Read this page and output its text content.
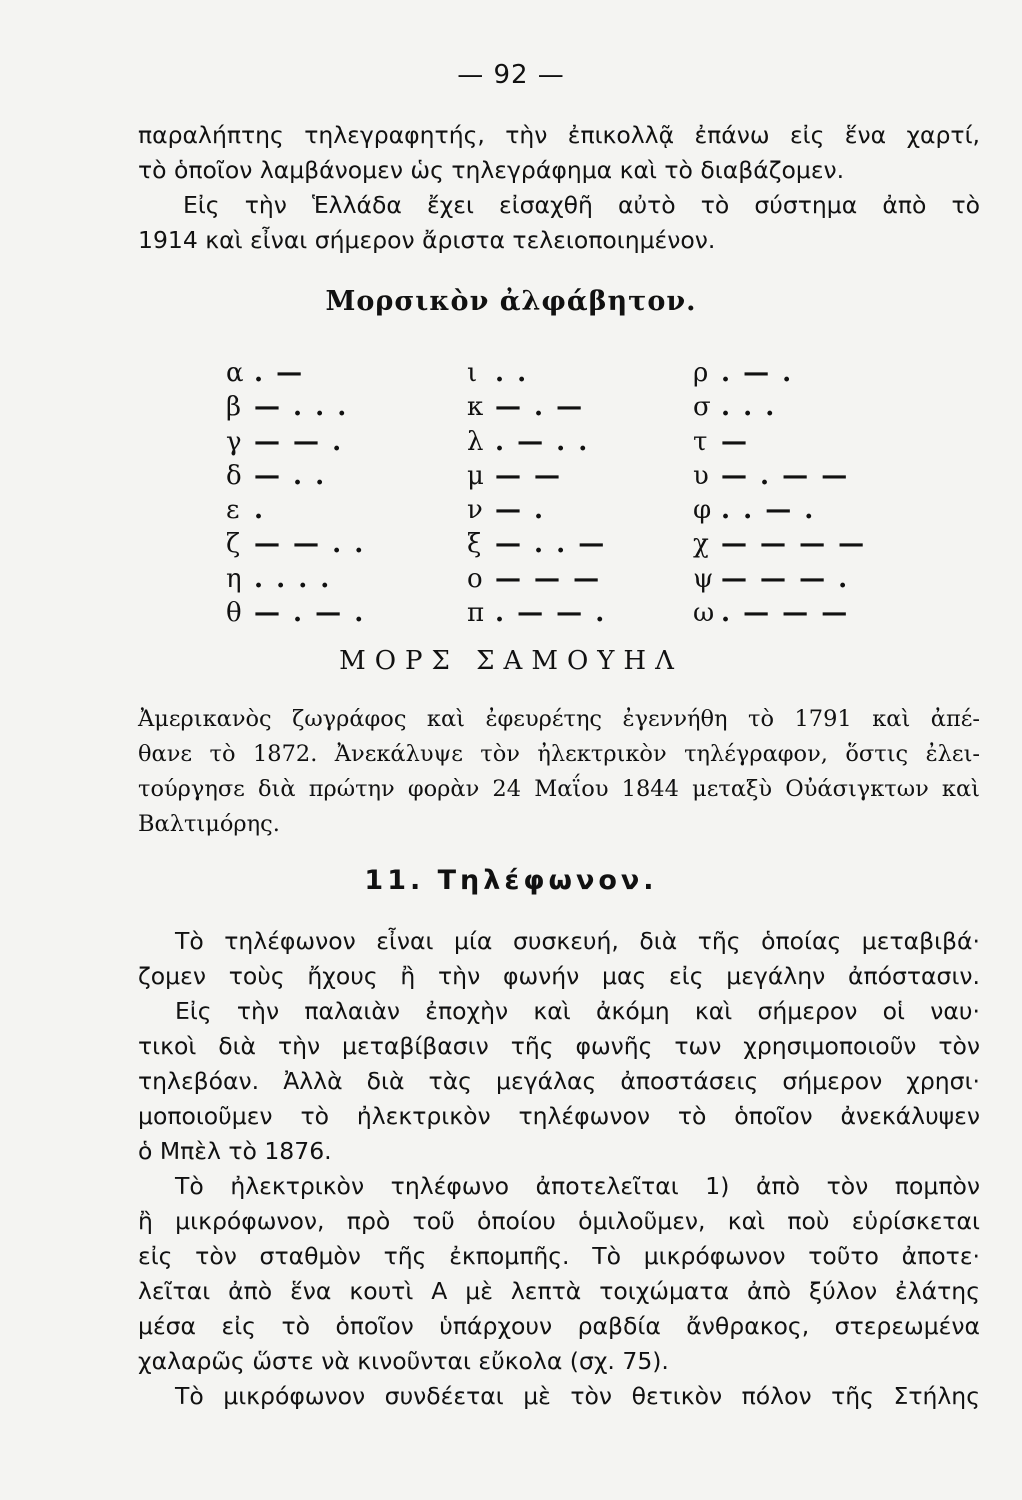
— 92 —
παραλήπτης τηλεγραφητής, τὴν ἐπικολλᾷ ἐπάνω εἰς ἕνα χαρτί,
τὸ ὁποῖον λαμβάνομεν ὡς τηλεγράφημα καὶ τὸ διαβάζομεν.
Εἰς τὴν Ἑλλάδα ἔχει εἰσαχθῆ αὐτὸ τὸ σύστημα ἀπὸ τὸ
1914 καὶ εἶναι σήμερον ἄριστα τελειοποιημένον.
Μορσικὸν ἀλφάβητον.
α . —
β — . . .
γ — — .
δ — . .
ε .
ζ — — . .
η . . . .
θ — . — .
ι . .
κ — . —
λ . — . .
μ — —
ν — .
ξ — . . —
ο — — —
π . — — .
ρ . — .
σ . . .
τ —
υ — . — —
φ . . — .
χ — — — —
ψ — — — .
ω . — — —
ΜΟΡΣ ΣΑΜΟΥΗΛ
Ἀμερικανὸς ζωγράφος καὶ ἐφευρέτης ἐγεννήθη τὸ 1791 καὶ ἀπέ-
θανε τὸ 1872. Ἀνεκάλυψε τὸν ἠλεκτρικὸν τηλέγραφον, ὅστις ἐλει-
τούργησε διὰ πρώτην φορὰν 24 Μαΐου 1844 μεταξὺ Οὐάσιγκτων καὶ
Βαλτιμόρης.
11. Τηλέφωνον.
Τὸ τηλέφωνον εἶναι μία συσκευή, διὰ τῆς ὁποίας μεταβιβά·
ζομεν τοὺς ἤχους ἢ τὴν φωνήν μας εἰς μεγάλην ἀπόστασιν.
Εἰς τὴν παλαιὰν ἐποχὴν καὶ ἀκόμη καὶ σήμερον οἱ ναυ·
τικοὶ διὰ τὴν μεταβίβασιν τῆς φωνῆς των χρησιμοποιοῦν τὸν
τηλεβόαν. Ἀλλὰ διὰ τὰς μεγάλας ἀποστάσεις σήμερον χρησι·
μοποιοῦμεν τὸ ἠλεκτρικὸν τηλέφωνον τὸ ὁποῖον ἀνεκάλυψεν
ὁ Μπὲλ τὸ 1876.
Τὸ ἠλεκτρικὸν τηλέφωνο ἀποτελεῖται 1) ἀπὸ τὸν πομπὸν
ἢ μικρόφωνον, πρὸ τοῦ ὁποίου ὁμιλοῦμεν, καὶ ποὺ εὑρίσκεται
εἰς τὸν σταθμὸν τῆς ἐκπομπῆς. Τὸ μικρόφωνον τοῦτο ἀποτε·
λεῖται ἀπὸ ἕνα κουτὶ Α μὲ λεπτὰ τοιχώματα ἀπὸ ξύλον ἐλάτης
μέσα εἰς τὸ ὁποῖον ὑπάρχουν ραβδία ἄνθρακος, στερεωμένα
χαλαρῶς ὥστε νὰ κινοῦνται εὔκολα (σχ. 75).
Τὸ μικρόφωνον συνδέεται μὲ τὸν θετικὸν πόλον τῆς Στήλης
